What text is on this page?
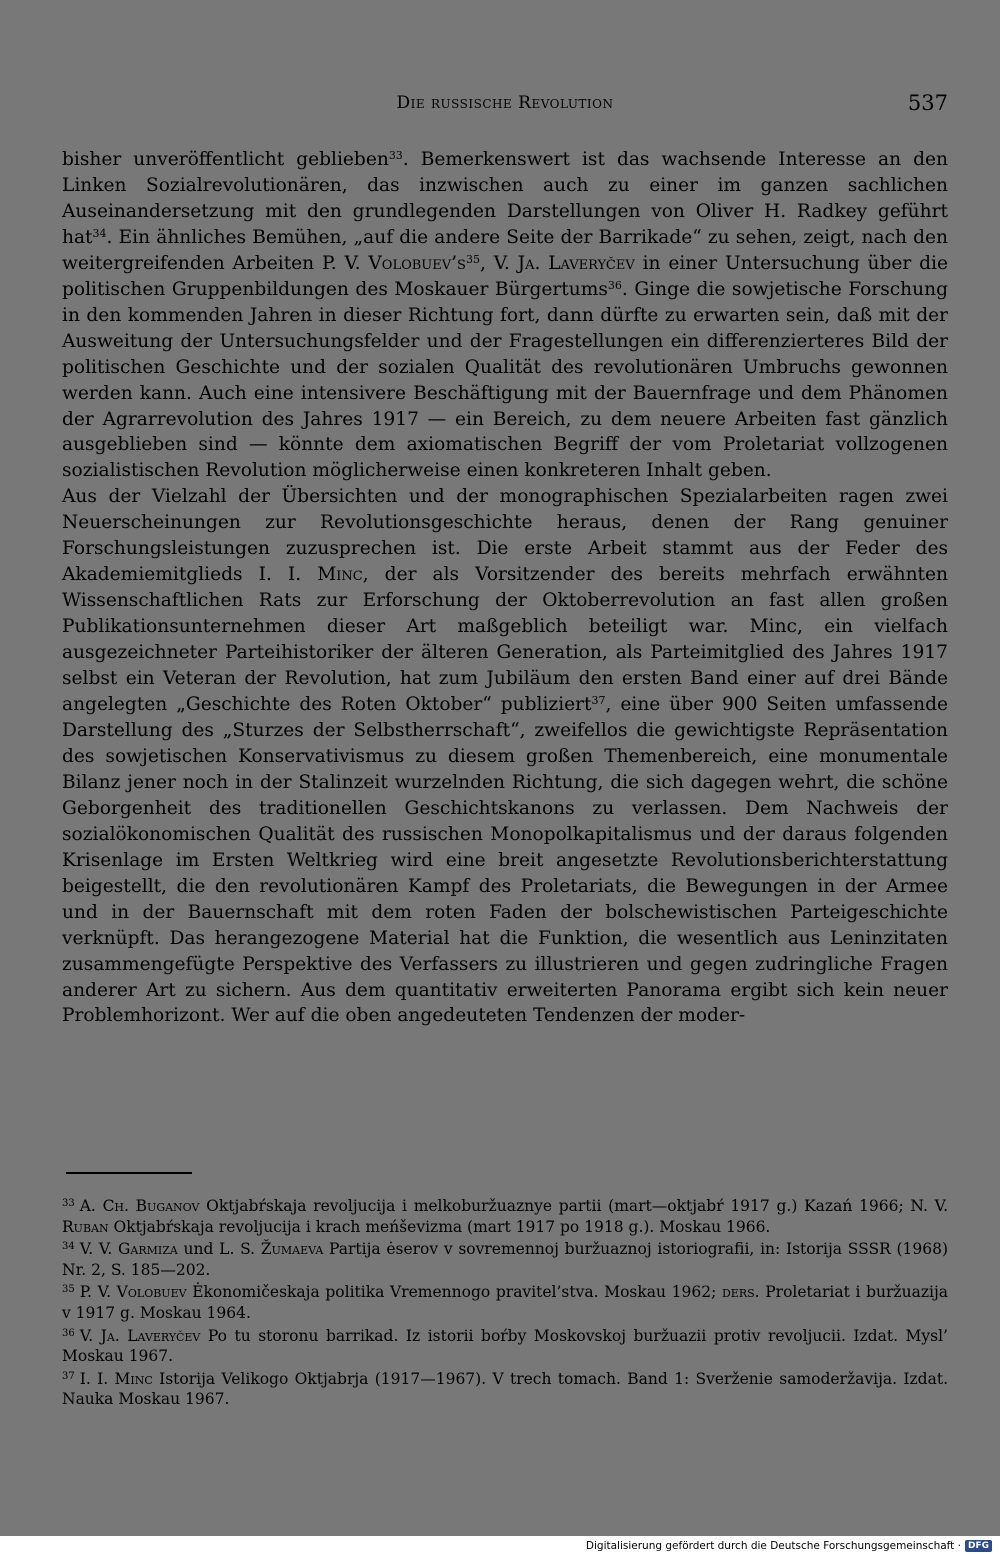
Die russische Revolution	537

bisher unveröffentlicht geblieben$^{33}$. Bemerkenswert ist das wachsende Interesse an den Linken Sozialrevolutionären, das inzwischen auch zu einer im ganzen sachlichen Auseinandersetzung mit den grundlegenden Darstellungen von Oliver H. Radkey geführt hat$^{34}$. Ein ähnliches Bemühen, „auf die andere Seite der Barrikade“ zu sehen, zeigt, nach den weitergreifenden Arbeiten P. V. $Volobuev’s^{35}$, V. Ja. Laveryčev in einer Untersuchung über die politischen Gruppenbildungen des Moskauer Bürgertums$^{36}$. Ginge die sowjetische Forschung in den kommenden Jahren in dieser Richtung fort, dann dürfte zu erwarten sein, daß mit der Ausweitung der Untersuchungsfelder und der Fragestellungen ein differenzierteres Bild der politischen Geschichte und der sozialen Qualität des revolutionären Umbruchs gewonnen werden kann. Auch eine intensivere Beschäftigung mit der Bauernfrage und dem Phänomen der Agrarrevolution des Jahres 1917 — ein Bereich, zu dem neuere Arbeiten fast gänzlich ausgeblieben sind — könnte dem axiomatischen Begriff der vom Proletariat vollzogenen sozialistischen Revolution möglicherweise einen konkreteren Inhalt geben.

Aus der Vielzahl der Übersichten und der monographischen Spezialarbeiten ragen zwei Neuerscheinungen zur Revolutionsgeschichte heraus, denen der Rang genuiner Forschungsleistungen zuzusprechen ist. Die erste Arbeit stammt aus der Feder des Akademiemitglieds I. I. Minc, der als Vorsitzender des bereits mehrfach erwähnten Wissenschaftlichen Rats zur Erforschung der Oktoberrevolution an fast allen großen Publikationsunternehmen dieser Art maßgeblich beteiligt war. Minc, ein vielfach ausgezeichneter Parteihistoriker der älteren Generation, als Parteimitglied des Jahres 1917 selbst ein Veteran der Revolution, hat zum Jubiläum den ersten Band einer auf drei Bände angelegten „Geschichte des Roten Oktober“ publiziert$^{37}$, eine über 900 Seiten umfassende Darstellung des „Sturzes der Selbstherrschaft“, zweifellos die gewichtigste Repräsentation des sowjetischen Konservativismus zu diesem großen Themenbereich, eine monumentale Bilanz jener noch in der Stalinzeit wurzelnden Richtung, die sich dagegen wehrt, die schöne Geborgenheit des traditionellen Geschichtskanons zu verlassen. Dem Nachweis der sozialökonomischen Qualität des russischen Monopolkapitalismus und der daraus folgenden Krisenlage im Ersten Weltkrieg wird eine breit angesetzte Revolutionsberichterstattung beigestellt, die den revolutionären Kampf des Proletariats, die Bewegungen in der Armee und in der Bauernschaft mit dem roten Faden der bolschewistischen Parteigeschichte verknüpft. Das herangezogene Material hat die Funktion, die wesentlich aus Leninzitaten zusammengefügte Perspektive des Verfassers zu illustrieren und gegen zudringliche Fragen anderer Art zu sichern. Aus dem quantitativ erweiterten Panorama ergibt sich kein neuer Problemhorizont. Wer auf die oben angedeuteten Tendenzen der moder-

$^{33}$ A. Ch. Buganov Oktjabŕskaja revoljucija i melkoburžuaznye partii (mart—oktjabŕ 1917 g.) Kazań 1966; N. V. Ruban Oktjabŕskaja revoljucija i krach meńševizma (mart 1917 po 1918 g.). Moskau 1966.

$^{34}$ V. V. Garmiza und L. S. Žumaeva Partija ėserov v sovremennoj buržuaznoj istoriografii, in: Istorija SSSR (1968) Nr. 2, S. 185—202.

$^{35}$ P. V. Volobuev Ėkonomičeskaja politika Vremennogo pravitel’stva. Moskau 1962; ders. Proletariat i buržuazija v 1917 g. Moskau 1964.

$^{36}$ V. Ja. Laveryčev Po tu storonu barrikad. Iz istorii boŕby Moskovskoj buržuazii protiv revoljucii. Izdat. Mysl’ Moskau 1967.

$^{37}$ I. I. Minc Istorija Velikogo Oktjabrja (1917—1967). V trech tomach. Band 1: Sverženie samoderžavija. Izdat. Nauka Moskau 1967.

Digitalisierung gefördert durch die Deutsche Forschungsgemeinschaft · DFG
